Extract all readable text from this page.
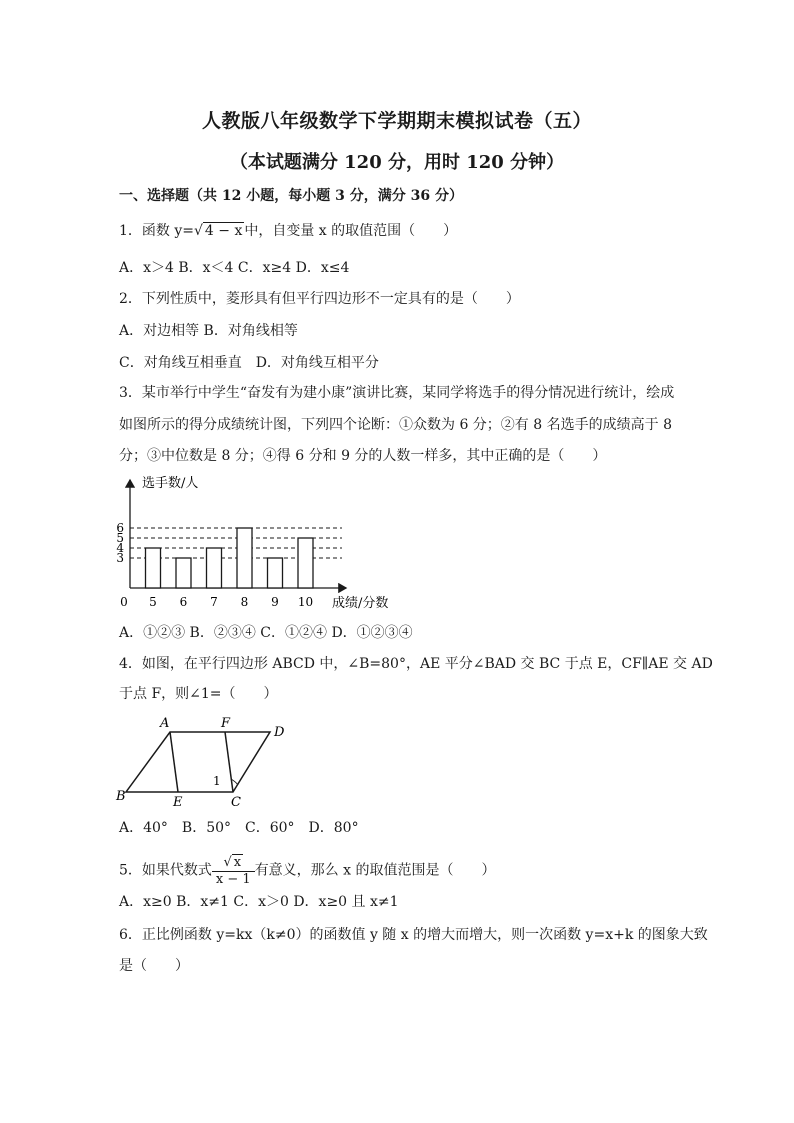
人教版八年级数学下学期期末模拟试卷（五）
（本试题满分 120 分，用时 120 分钟）
一、选择题（共 12 小题，每小题 3 分，满分 36 分）
1．函数 y=√ 4 − x 中，自变量 x 的取值范围（　　）
A．x＞4 B．x＜4 C．x≥4 D．x≤4
2．下列性质中，菱形具有但平行四边形不一定具有的是（　　）
A．对边相等 B．对角线相等
C．对角线互相垂直　D．对角线互相平分
3．某市举行中学生“奋发有为建小康”演讲比赛，某同学将选手的得分情况进行统计，绘成
如图所示的得分成绩统计图，下列四个论断：①众数为 6 分；②有 8 名选手的成绩高于 8
分；③中位数是 8 分；④得 6 分和 9 分的人数一样多，其中正确的是（　　）
3
4
5
6
5 6 7 8 9 10
选手数/人
成绩/分数
0
A．①②③ B．②③④ C．①②④ D．①②③④
4．如图，在平行四边形 ABCD 中，∠B=80°，AE 平分∠BAD 交 BC 于点 E，CF∥AE 交 AD
于点 F，则∠1=（　　）
A	F
D
B	E	C
1
A．40°　B．50°　C．60°　D．80°
5．如果代数式 $\frac{√ x}{x - 1}$ 有意义，那么 x 的取值范围是（　　）
A．x≥0 B．x≠1 C．x＞0 D．x≥0 且 x≠1
6．正比例函数 y=kx（k≠0）的函数值 y 随 x 的增大而增大，则一次函数 y=x+k 的图象大致
是（　　）
